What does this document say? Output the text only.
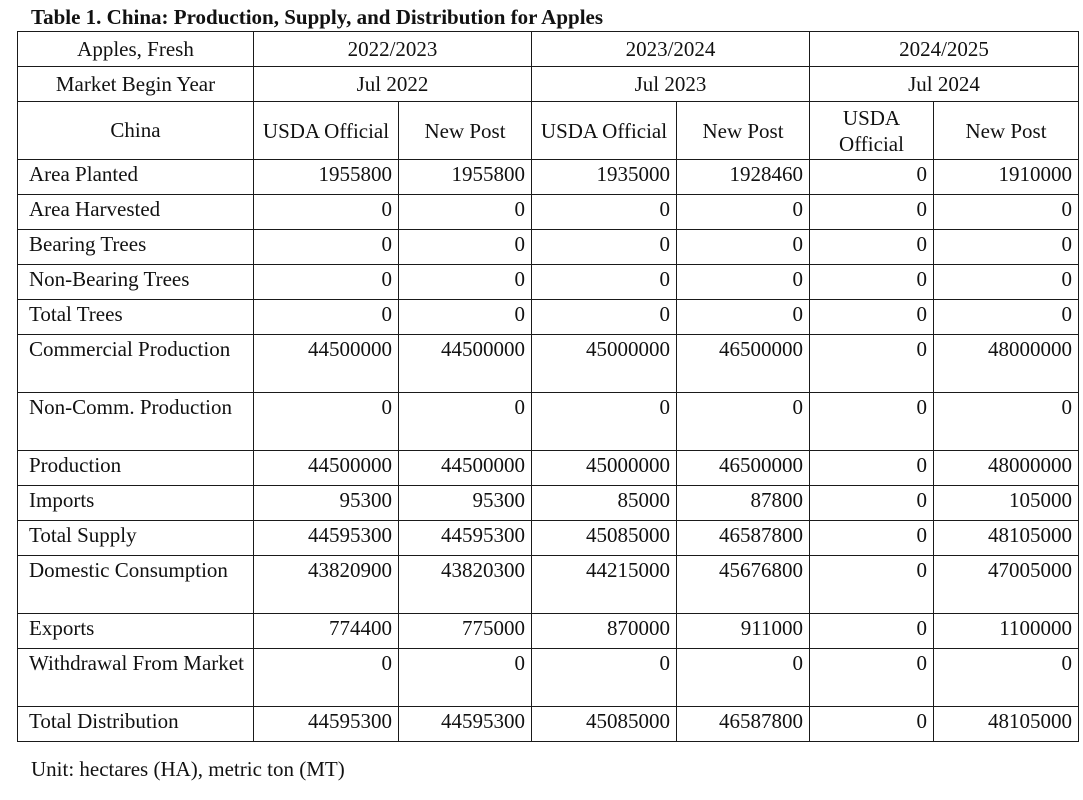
Table 1. China: Production, Supply, and Distribution for Apples
Apples, Fresh	2022/2023		2023/2024		2024/2025	
Market Begin Year	Jul 2022		Jul 2023		Jul 2024	
China	USDA Official	New Post	USDA Official	New Post	USDA Official	New Post
Area Planted	1955800	1955800	1935000	1928460	0	1910000
Area Harvested	0	0	0	0	0	0
Bearing Trees	0	0	0	0	0	0
Non-Bearing Trees	0	0	0	0	0	0
Total Trees	0	0	0	0	0	0
Commercial Production	44500000	44500000	45000000	46500000	0	48000000
Non-Comm. Production	0	0	0	0	0	0
Production	44500000	44500000	45000000	46500000	0	48000000
Imports	95300	95300	85000	87800	0	105000
Total Supply	44595300	44595300	45085000	46587800	0	48105000
Domestic Consumption	43820900	43820300	44215000	45676800	0	47005000
Exports	774400	775000	870000	911000	0	1100000
Withdrawal From Market	0	0	0	0	0	0
Total Distribution	44595300	44595300	45085000	46587800	0	48105000
Unit: hectares (HA), metric ton (MT)
